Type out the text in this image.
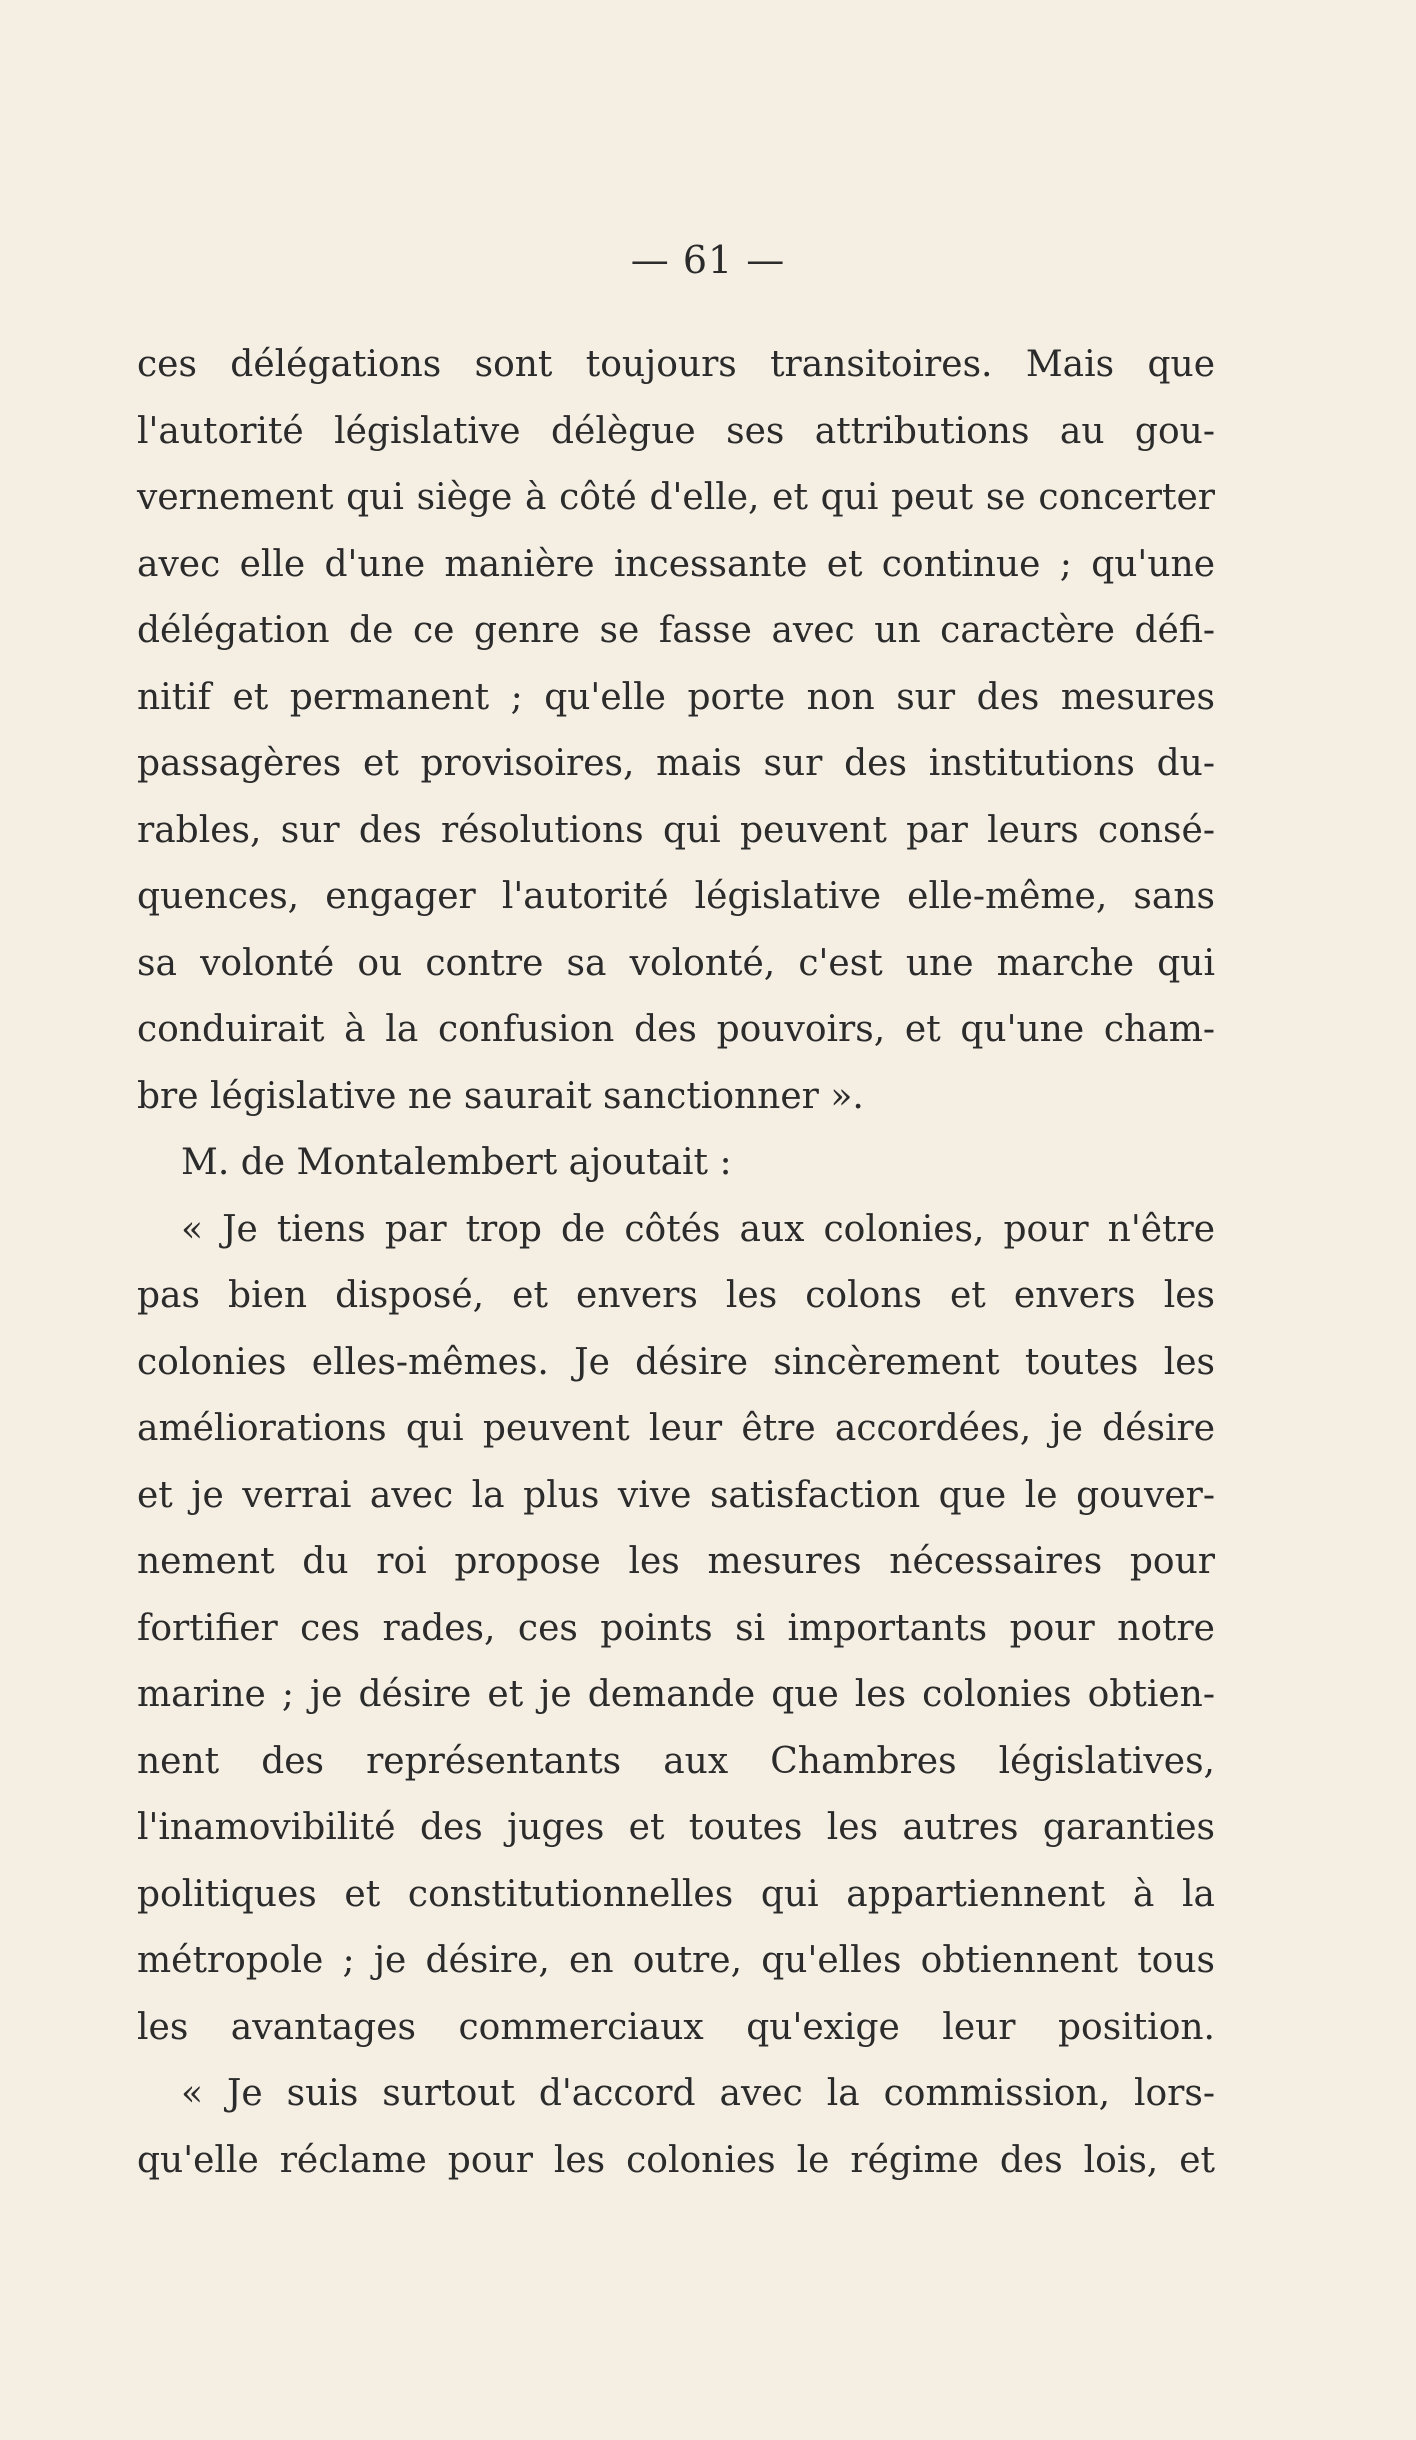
— 61 —
ces délégations sont toujours transitoires. Mais que
l'autorité législative délègue ses attributions au gou-
vernement qui siège à côté d'elle, et qui peut se concerter
avec elle d'une manière incessante et continue ; qu'une
délégation de ce genre se fasse avec un caractère défi-
nitif et permanent ; qu'elle porte non sur des mesures
passagères et provisoires, mais sur des institutions du-
rables, sur des résolutions qui peuvent par leurs consé-
quences, engager l'autorité législative elle-même, sans
sa volonté ou contre sa volonté, c'est une marche qui
conduirait à la confusion des pouvoirs, et qu'une cham-
bre législative ne saurait sanctionner ».
M. de Montalembert ajoutait :
« Je tiens par trop de côtés aux colonies, pour n'être
pas bien disposé, et envers les colons et envers les
colonies elles-mêmes. Je désire sincèrement toutes les
améliorations qui peuvent leur être accordées, je désire
et je verrai avec la plus vive satisfaction que le gouver-
nement du roi propose les mesures nécessaires pour
fortifier ces rades, ces points si importants pour notre
marine ; je désire et je demande que les colonies obtien-
nent des représentants aux Chambres législatives,
l'inamovibilité des juges et toutes les autres garanties
politiques et constitutionnelles qui appartiennent à la
métropole ; je désire, en outre, qu'elles obtiennent tous
les avantages commerciaux qu'exige leur position.
« Je suis surtout d'accord avec la commission, lors-
qu'elle réclame pour les colonies le régime des lois, et
